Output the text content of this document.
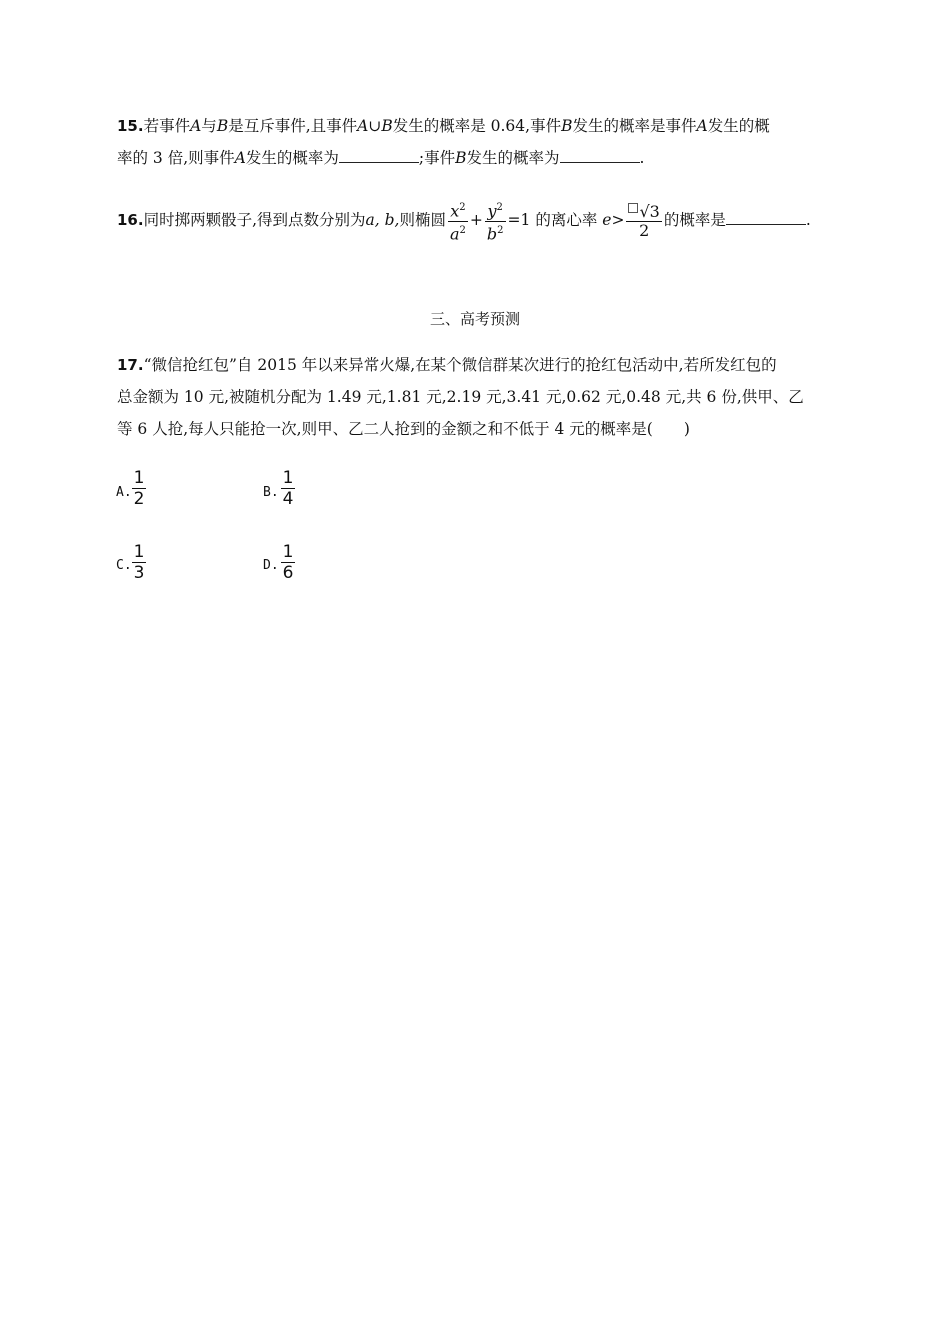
15.若事件A与B是互斥事件,且事件A∪B发生的概率是 0.64,事件B发生的概率是事件A发生的概
率的 3 倍,则事件A发生的概率为	;事件B发生的概率为	.
16.同时掷两颗骰子,得到点数分别为a, b,则椭圆 $\frac{x^2}{a^2} + \frac{y^2}{b^2} =1$ 的离心率 $e> \frac{√3}{2}$ 的概率是	.
三、高考预测
17.“微信抢红包”自 2015 年以来异常火爆,在某个微信群某次进行的抢红包活动中,若所发红包的
总金额为 10 元,被随机分配为 1.49 元,1.81 元,2.19 元,3.41 元,0.62 元,0.48 元,共 6 份,供甲、乙
等 6 人抢,每人只能抢一次,则甲、乙二人抢到的金额之和不低于 4 元的概率是(　　)
A. $\frac{1}{2}$	B. $\frac{1}{4}$
C. $\frac{1}{3}$	D. $\frac{1}{6}$
